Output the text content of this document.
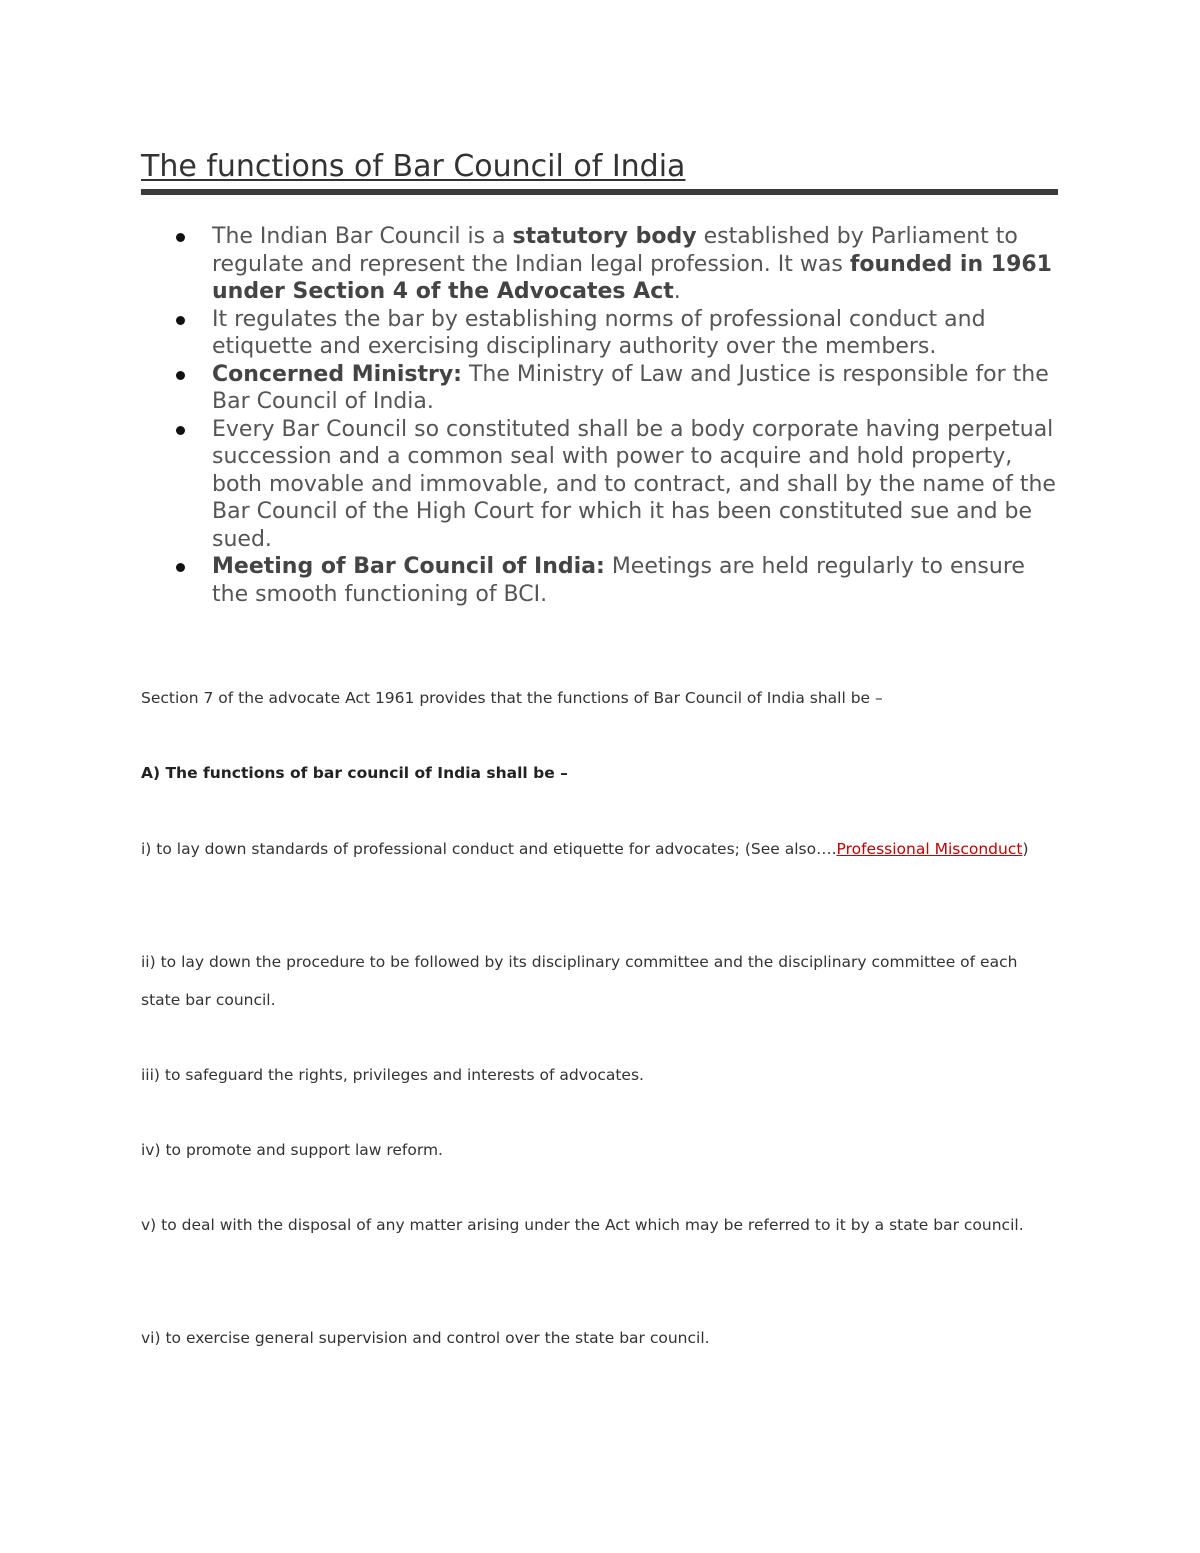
The functions of Bar Council of India
The Indian Bar Council is a statutory body established by Parliament to regulate and represent the Indian legal profession. It was founded in 1961 under Section 4 of the Advocates Act.
It regulates the bar by establishing norms of professional conduct and etiquette and exercising disciplinary authority over the members.
Concerned Ministry: The Ministry of Law and Justice is responsible for the Bar Council of India.
Every Bar Council so constituted shall be a body corporate having perpetual succession and a common seal with power to acquire and hold property, both movable and immovable, and to contract, and shall by the name of the Bar Council of the High Court for which it has been constituted sue and be sued.
Meeting of Bar Council of India: Meetings are held regularly to ensure the smooth functioning of BCI.

Section 7 of the advocate Act 1961 provides that the functions of Bar Council of India shall be –

A) The functions of bar council of India shall be –

i) to lay down standards of professional conduct and etiquette for advocates; (See also….Professional Misconduct)

ii) to lay down the procedure to be followed by its disciplinary committee and the disciplinary committee of each state bar council.

iii) to safeguard the rights, privileges and interests of advocates.

iv) to promote and support law reform.

v) to deal with the disposal of any matter arising under the Act which may be referred to it by a state bar council.

vi) to exercise general supervision and control over the state bar council.
